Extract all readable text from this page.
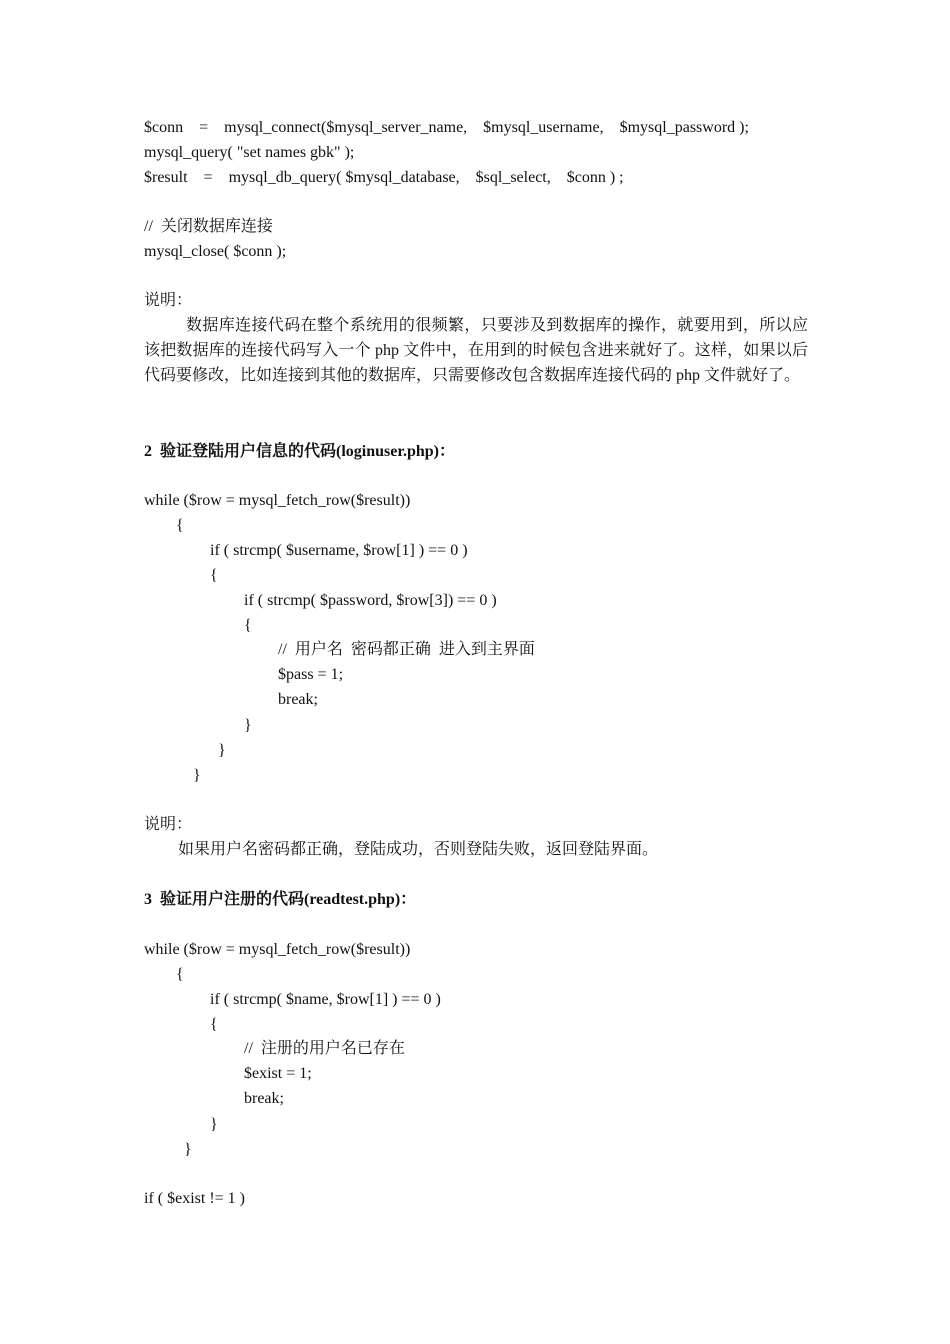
$conn    =    mysql_connect($mysql_server_name,    $mysql_username,    $mysql_password );
mysql_query( "set names gbk" );
$result    =    mysql_db_query( $mysql_database,    $sql_select,    $conn ) ;
//  关闭数据库连接
mysql_close( $conn );
说明：
数据库连接代码在整个系统用的很频繁，只要涉及到数据库的操作，就要用到，所以应该把数据库的连接代码写入一个 php 文件中，在用到的时候包含进来就好了。这样，如果以后代码要修改，比如连接到其他的数据库，只需要修改包含数据库连接代码的 php 文件就好了。
2  验证登陆用户信息的代码(loginuser.php)：
while ($row = mysql_fetch_row($result))
{
if ( strcmp( $username, $row[1] ) == 0 )
{
if ( strcmp( $password, $row[3]) == 0 )
{
//  用户名  密码都正确  进入到主界面
$pass = 1;
break;
}
}
}
说明：
如果用户名密码都正确，登陆成功，否则登陆失败，返回登陆界面。
3  验证用户注册的代码(readtest.php)：
while ($row = mysql_fetch_row($result))
{
if ( strcmp( $name, $row[1] ) == 0 )
{
//  注册的用户名已存在
$exist = 1;
break;
}
}
if ( $exist != 1 )
